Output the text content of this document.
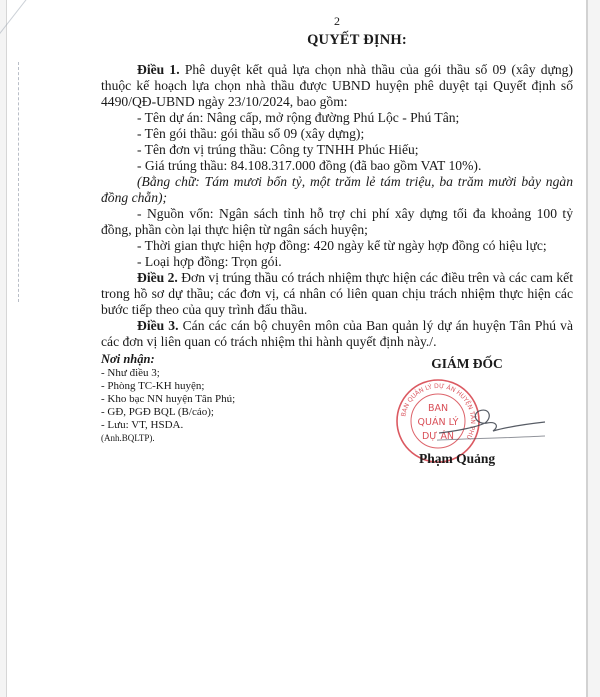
2
QUYẾT ĐỊNH:

Điều 1. Phê duyệt kết quả lựa chọn nhà thầu của gói thầu số 09 (xây dựng) thuộc kế hoạch lựa chọn nhà thầu được UBND huyện phê duyệt tại Quyết định số 4490/QĐ-UBND ngày 23/10/2024, bao gồm:

- Tên dự án: Nâng cấp, mở rộng đường Phú Lộc - Phú Tân;

- Tên gói thầu: gói thầu số 09 (xây dựng);

- Tên đơn vị trúng thầu: Công ty TNHH Phúc Hiếu;

- Giá trúng thầu: 84.108.317.000 đồng (đã bao gồm VAT 10%).

(Bằng chữ: Tám mươi bốn tỷ, một trăm lẻ tám triệu, ba trăm mười bảy ngàn đồng chẵn);

- Nguồn vốn: Ngân sách tỉnh hỗ trợ chi phí xây dựng tối đa khoảng 100 tỷ đồng, phần còn lại thực hiện từ ngân sách huyện;

- Thời gian thực hiện hợp đồng: 420 ngày kể từ ngày hợp đồng có hiệu lực;

- Loại hợp đồng: Trọn gói.

Điều 2. Đơn vị trúng thầu có trách nhiệm thực hiện các điều trên và các cam kết trong hồ sơ dự thầu; các đơn vị, cá nhân có liên quan chịu trách nhiệm thực hiện các bước tiếp theo của quy trình đấu thầu.

Điều 3. Cán các cán bộ chuyên môn của Ban quản lý dự án huyện Tân Phú và các đơn vị liên quan có trách nhiệm thi hành quyết định này./.

Nơi nhận:
- Như điều 3;
- Phòng TC-KH huyện;
- Kho bạc NN huyện Tân Phú;
- GĐ, PGĐ BQL (B/cáo);
- Lưu: VT, HSDA.
(Anh.BQLTP).
GIÁM ĐỐC
BAN QUẢN LÝ DỰ ÁN HUYỆN TÂN PHÚ
BAN
QUẢN LÝ
DỰ ÁN
Phạm Quảng
